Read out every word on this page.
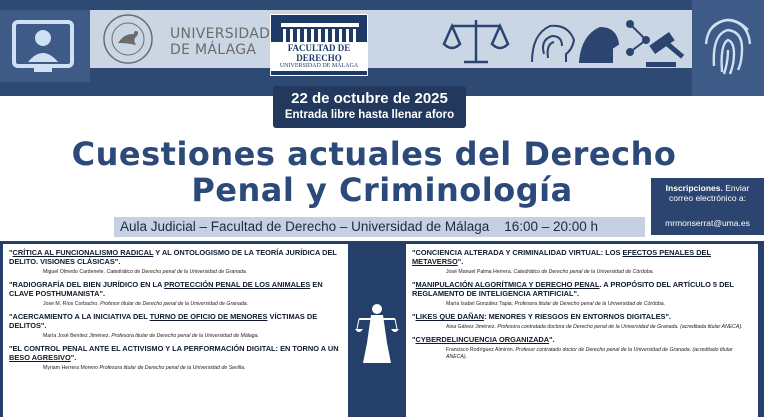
UNIVERSIDAD
DE MÁLAGA	FACULTAD DE DERECHO
UNIVERSIDAD DE MÁLAGA
22 de octubre de 2025
Entrada libre hasta llenar aforo
Cuestiones actuales del Derecho
Penal y Criminología
Aula Judicial – Facultad de Derecho – Universidad de Málaga    16:00 – 20:00 h
Inscripciones. Enviar
correo electrónico a:
mrmonserrat@uma.es
"CRÍTICA AL FUNCIONALISMO RADICAL Y AL ONTOLOGISMO DE LA TEORÍA JURÍDICA DEL DELITO. VISIONES CLÁSICAS".
Miguel Olmedo Cardenete. Catedrático de Derecho penal de la Universidad de Granada.
"RADIOGRAFÍA DEL BIEN JURÍDICO EN LA PROTECCIÓN PENAL DE LOS ANIMALES EN CLAVE POSTHUMANISTA".
Jose M. Ríos Corbacho. Profesor titular de Derecho penal de la Universidad de Granada.
"ACERCAMIENTO A LA INICIATIVA DEL TURNO DE OFICIO DE MENORES VÍCTIMAS DE DELITOS".
María José Benítez Jiménez. Profesora titular de Derecho penal de la Universidad de Málaga.
"EL CONTROL PENAL ANTE EL ACTIVISMO Y LA PERFORMACIÓN DIGITAL: EN TORNO A UN BESO AGRESIVO".
Myriam Herrera Moreno Profesora titular de Derecho penal de la Universidad de Sevilla.
"CONCIENCIA ALTERADA Y CRIMINALIDAD VIRTUAL: LOS EFECTOS PENALES DEL METAVERSO".
José Manuel Palma Herrera. Catedrático de Derecho penal de la Universidad de Córdoba.
"MANIPULACIÓN ALGORÍTMICA Y DERECHO PENAL. A PROPÓSITO DEL ARTÍCULO 5 DEL REGLAMENTO DE INTELIGENCIA ARTIFICIAL".
María Isabel González Tapia. Profesora titular de Derecho penal de la Universidad de Córdoba.
"LIKES QUE DAÑAN: MENORES Y RIESGOS EN ENTORNOS DIGITALES".
Aixa Gálvez Jiménez. Profesora contratada doctora de Derecho penal de la Universidad de Granada. (acreditada titular ANECA).
"CYBERDELINCUENCIA ORGANIZADA".
Francisco Rodríguez Almirón. Profesor contratado doctor de Derecho penal de la Universidad de Granada. (acreditado titular ANECA).
